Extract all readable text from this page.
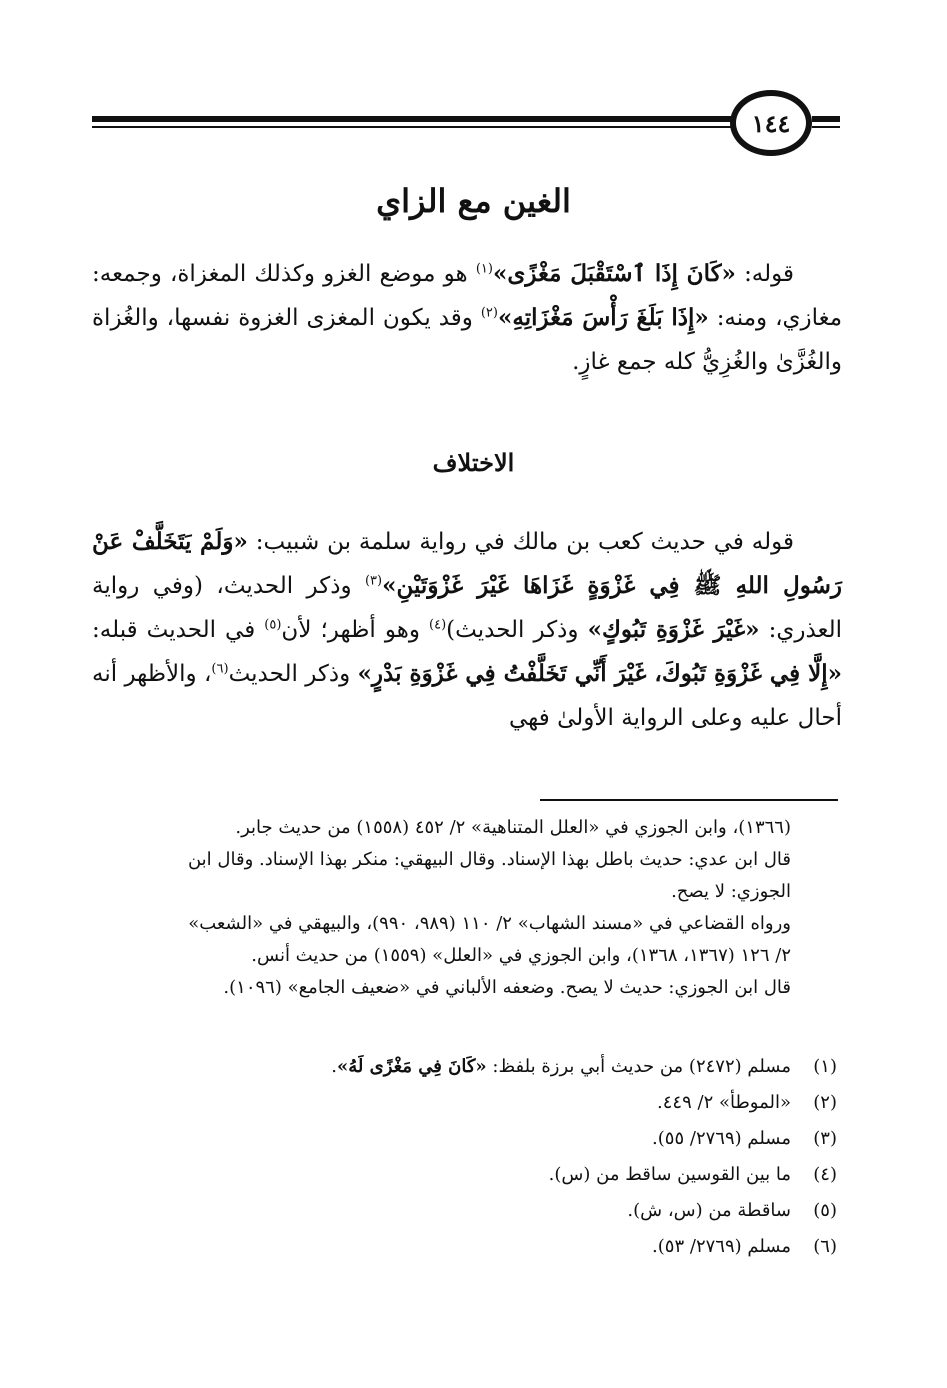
١٤٤
الغين مع الزاي
قوله: «كَانَ إِذَا ٱسْتَقْبَلَ مَغْزًى»$^{(١)}$ هو موضع الغزو وكذلك المغزاة، وجمعه: مغازي، ومنه: «إِذَا بَلَغَ رَأْسَ مَغْزَاتِهِ»$^{(٢)}$ وقد يكون المغزى الغزوة نفسها، والغُزاة والغُزَّىٰ والغُزِيُّ كله جمع غازٍ.
الاختلاف
قوله في حديث كعب بن مالك في رواية سلمة بن شبيب: «وَلَمْ يَتَخَلَّفْ عَنْ رَسُولِ اللهِ ﷺ فِي غَزْوَةٍ غَزَاهَا غَيْرَ غَزْوَتَيْنِ»$^{(٣)}$ وذكر الحديث، (وفي رواية العذري: «غَيْرَ غَزْوَةِ تَبُوكٍ» وذكر الحديث)$^{(٤)}$ وهو أظهر؛ لأن$^{(٥)}$ في الحديث قبله: «إِلَّا فِي غَزْوَةِ تَبُوكَ، غَيْرَ أَنِّي تَخَلَّفْتُ فِي غَزْوَةِ بَدْرٍ» وذكر الحديث$^{(٦)}$، والأظهر أنه أحال عليه وعلى الرواية الأولىٰ فهي
(١٣٦٦)، وابن الجوزي في «العلل المتناهية» ٢/ ٤٥٢ (١٥٥٨) من حديث جابر.
قال ابن عدي: حديث باطل بهذا الإسناد. وقال البيهقي: منكر بهذا الإسناد. وقال ابن
الجوزي: لا يصح.
ورواه القضاعي في «مسند الشهاب» ٢/ ١١٠ (٩٨٩، ٩٩٠)، والبيهقي في «الشعب»
٢/ ١٢٦ (١٣٦٧، ١٣٦٨)، وابن الجوزي في «العلل» (١٥٥٩) من حديث أنس.
قال ابن الجوزي: حديث لا يصح. وضعفه الألباني في «ضعيف الجامع» (١٠٩٦).
(١)
مسلم (٢٤٧٢) من حديث أبي برزة بلفظ: «كَانَ فِي مَغْزًى لَهُ».
(٢)
«الموطأ» ٢/ ٤٤٩.
(٣)
مسلم (٢٧٦٩/ ٥٥).
(٤)
ما بين القوسين ساقط من (س).
(٥)
ساقطة من (س، ش).
(٦)
مسلم (٢٧٦٩/ ٥٣).
